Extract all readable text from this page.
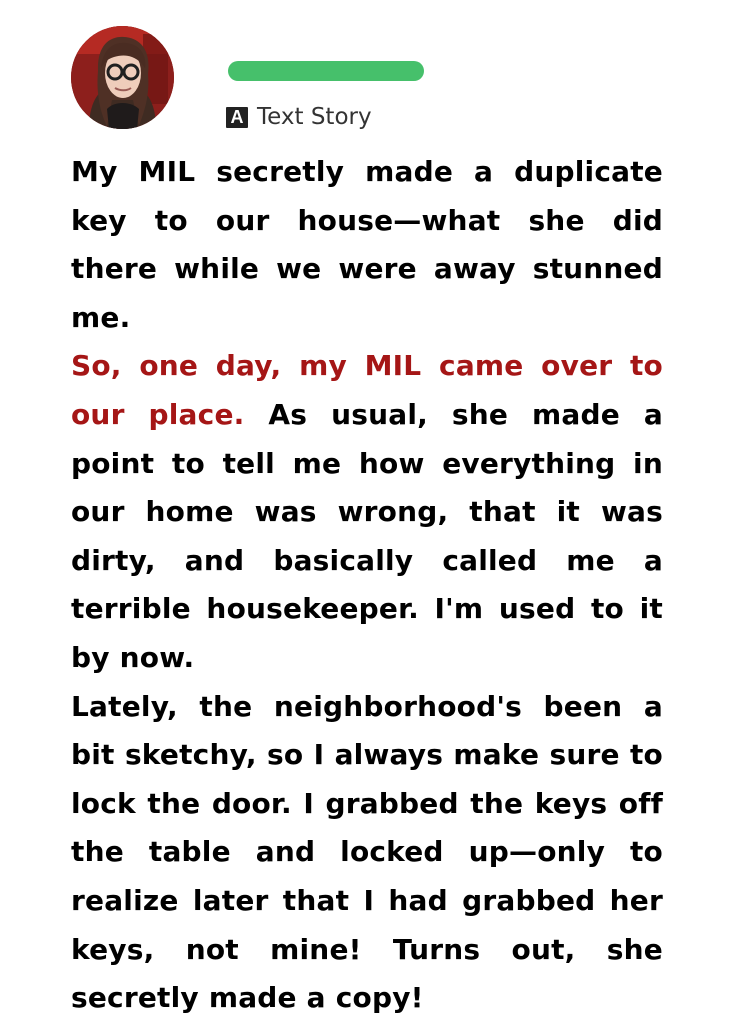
A Text Story

My MIL secretly made a duplicate key to our house—what she did there while we were away stunned me.

So, one day, my MIL came over to our place. As usual, she made a point to tell me how everything in our home was wrong, that it was dirty, and basically called me a terrible housekeeper. I'm used to it by now.

Lately, the neighborhood's been a bit sketchy, so I always make sure to lock the door. I grabbed the keys off the table and locked up—only to realize later that I had grabbed her keys, not mine! Turns out, she secretly made a copy!
